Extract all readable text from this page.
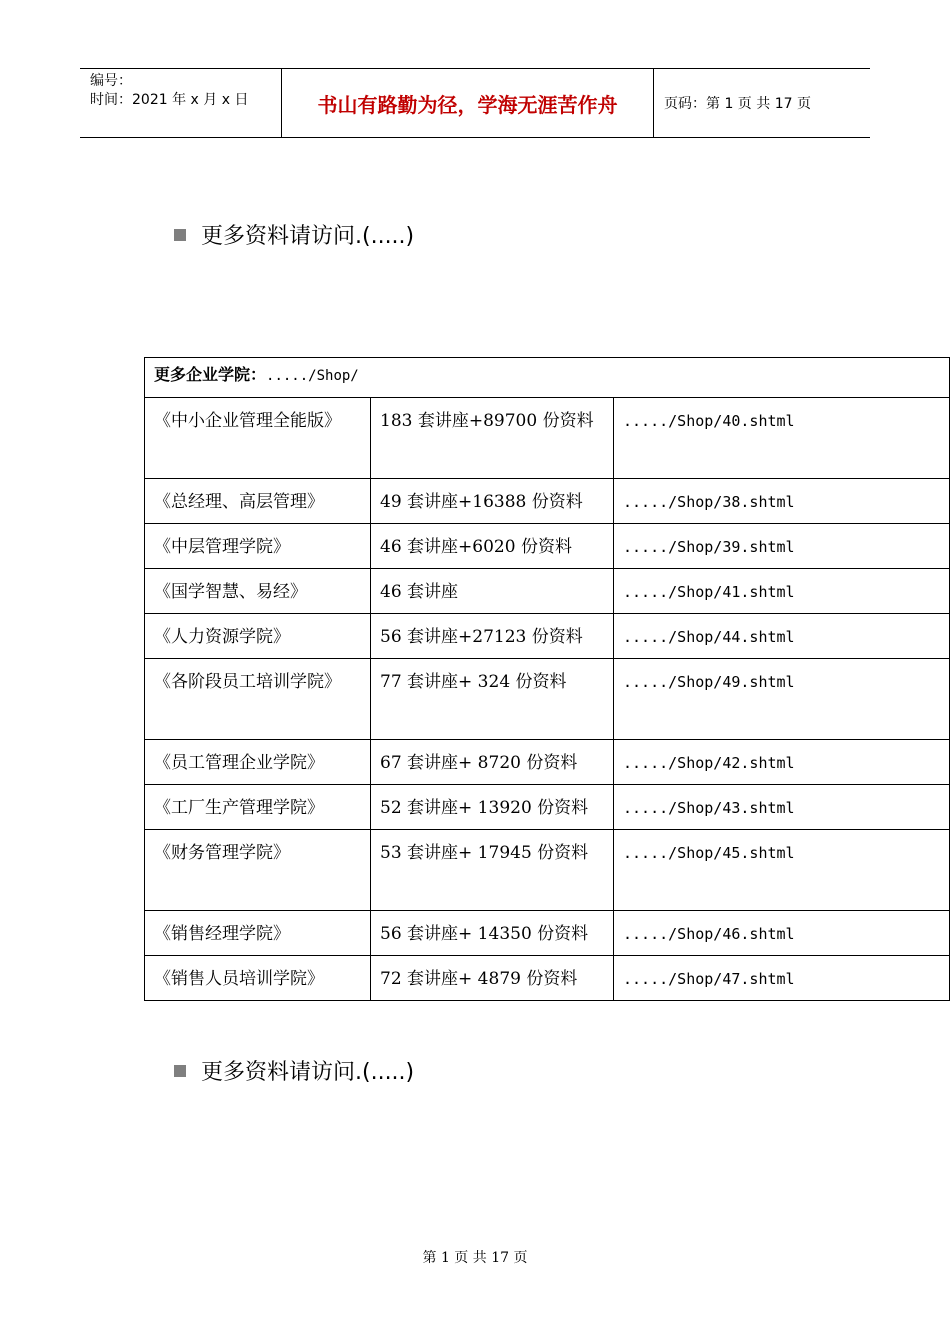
编号：
时间：2021 年 x 月 x 日	书山有路勤为径，学海无涯苦作舟	页码：第 1 页 共 17 页
更多资料请访问.(.....)
更多企业学院：...../Shop/		
《中小企业管理全能版》	183 套讲座+89700 份资料	...../Shop/40.shtml
《总经理、高层管理》	49 套讲座+16388 份资料	...../Shop/38.shtml
《中层管理学院》	46 套讲座+6020 份资料	...../Shop/39.shtml
《国学智慧、易经》	46 套讲座	...../Shop/41.shtml
《人力资源学院》	56 套讲座+27123 份资料	...../Shop/44.shtml
《各阶段员工培训学院》	77 套讲座+ 324 份资料	...../Shop/49.shtml
《员工管理企业学院》	67 套讲座+ 8720 份资料	...../Shop/42.shtml
《工厂生产管理学院》	52 套讲座+ 13920 份资料	...../Shop/43.shtml
《财务管理学院》	53 套讲座+ 17945 份资料	...../Shop/45.shtml
《销售经理学院》	56 套讲座+ 14350 份资料	...../Shop/46.shtml
《销售人员培训学院》	72 套讲座+ 4879 份资料	...../Shop/47.shtml
更多资料请访问.(.....)
第 1 页 共 17 页
